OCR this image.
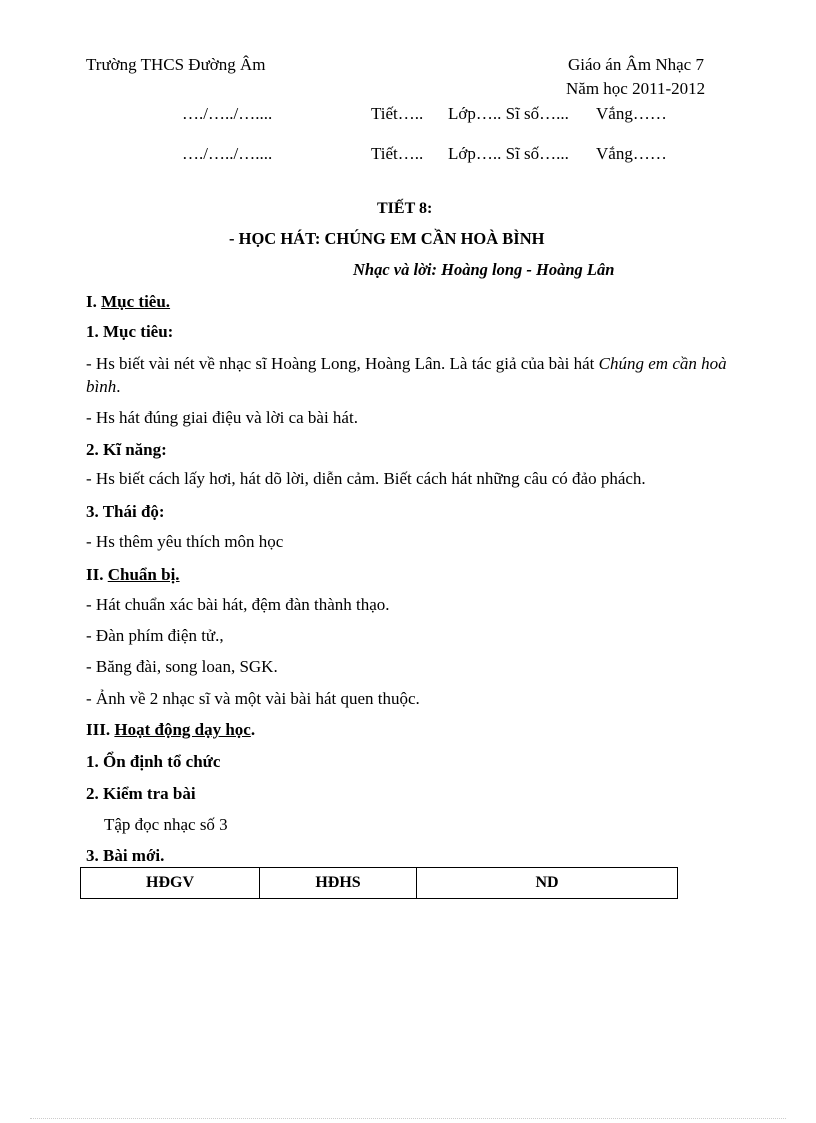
Trường THCS Đường Âm	Giáo án Âm Nhạc 7
Năm học 2011-2012
…./…../…....	Tiết….. Lớp….. Sĩ số…... Vắng……
…./…../…....	Tiết….. Lớp….. Sĩ số…... Vắng……
TIẾT 8:
- HỌC HÁT: CHÚNG EM CẦN HOÀ BÌNH
Nhạc và lời: Hoàng long - Hoàng Lân
I. Mục tiêu.
1. Mục tiêu:
- Hs biết vài nét về nhạc sĩ Hoàng Long, Hoàng Lân. Là tác giả của bài hát Chúng em cần hoà bình.
- Hs hát đúng giai điệu và lời ca bài hát.
2. Kĩ năng:
- Hs biết cách lấy hơi, hát dõ lời, diễn cảm. Biết cách hát những câu có đảo phách.
3. Thái độ:
- Hs thêm yêu thích môn học
II. Chuẩn bị.
- Hát chuẩn xác bài hát, đệm đàn thành thạo.
- Đàn phím điện tử.,
- Băng đài, song loan, SGK.
- Ảnh về 2 nhạc sĩ và một vài bài hát quen thuộc.
III. Hoạt động dạy học.
1. Ổn định tổ chức
2. Kiểm tra bài
Tập đọc nhạc số 3
3. Bài mới.
HĐGV	HĐHS	ND
